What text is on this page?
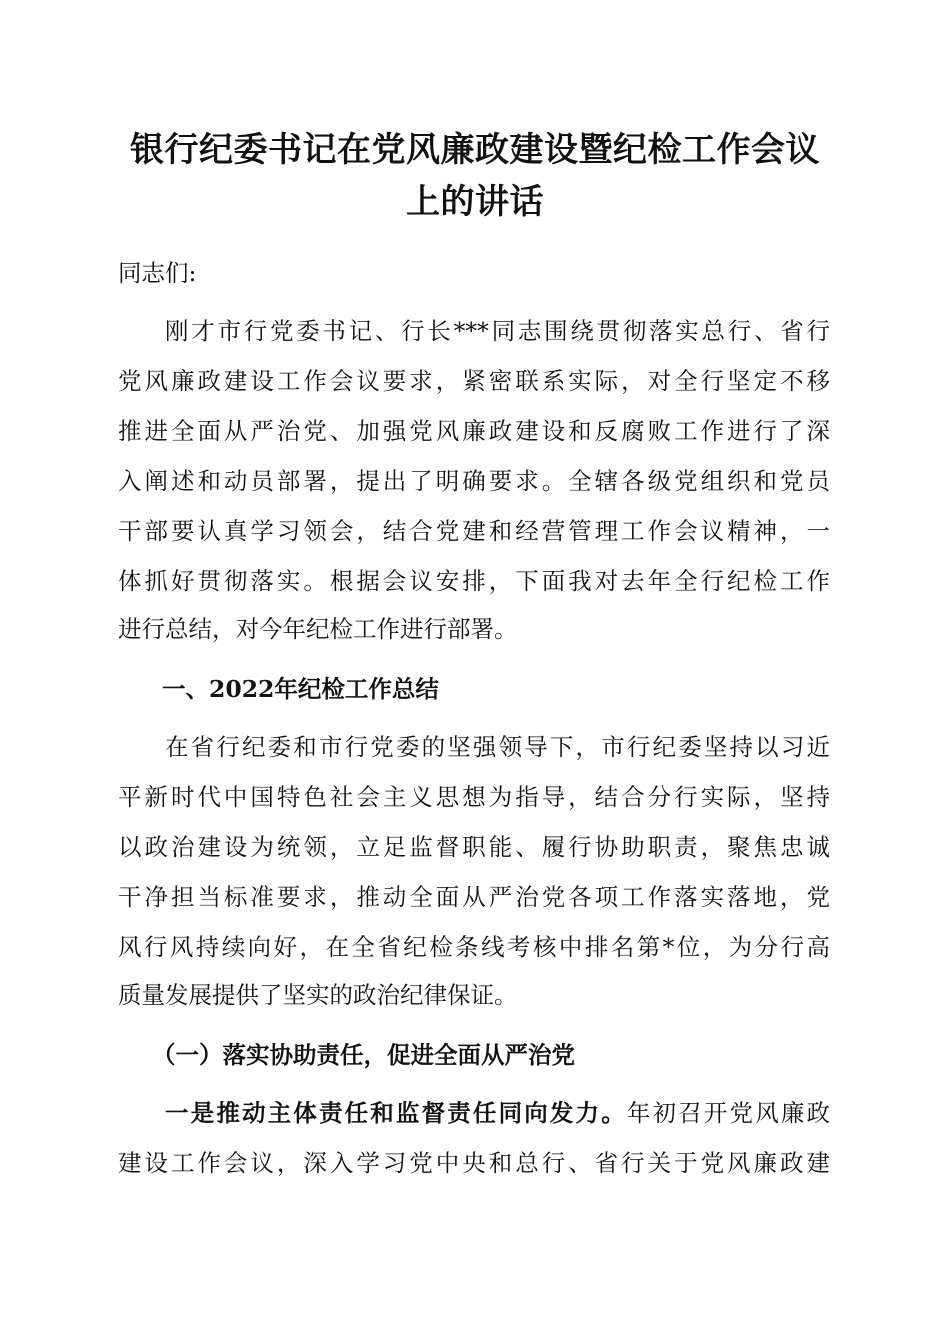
银行纪委书记在党风廉政建设暨纪检工作会议
上的讲话
同志们:
刚才市行党委书记、行长***同志围绕贯彻落实总行、省行
党风廉政建设工作会议要求，紧密联系实际，对全行坚定不移
推进全面从严治党、加强党风廉政建设和反腐败工作进行了深
入阐述和动员部署，提出了明确要求。全辖各级党组织和党员
干部要认真学习领会，结合党建和经营管理工作会议精神，一
体抓好贯彻落实。根据会议安排，下面我对去年全行纪检工作
进行总结，对今年纪检工作进行部署。
一、2022年纪检工作总结
在省行纪委和市行党委的坚强领导下，市行纪委坚持以习近
平新时代中国特色社会主义思想为指导，结合分行实际，坚持
以政治建设为统领，立足监督职能、履行协助职责，聚焦忠诚
干净担当标准要求，推动全面从严治党各项工作落实落地，党
风行风持续向好，在全省纪检条线考核中排名第*位，为分行高
质量发展提供了坚实的政治纪律保证。
（一）落实协助责任，促进全面从严治党
一是推动主体责任和监督责任同向发力。年初召开党风廉政
建设工作会议，深入学习党中央和总行、省行关于党风廉政建
